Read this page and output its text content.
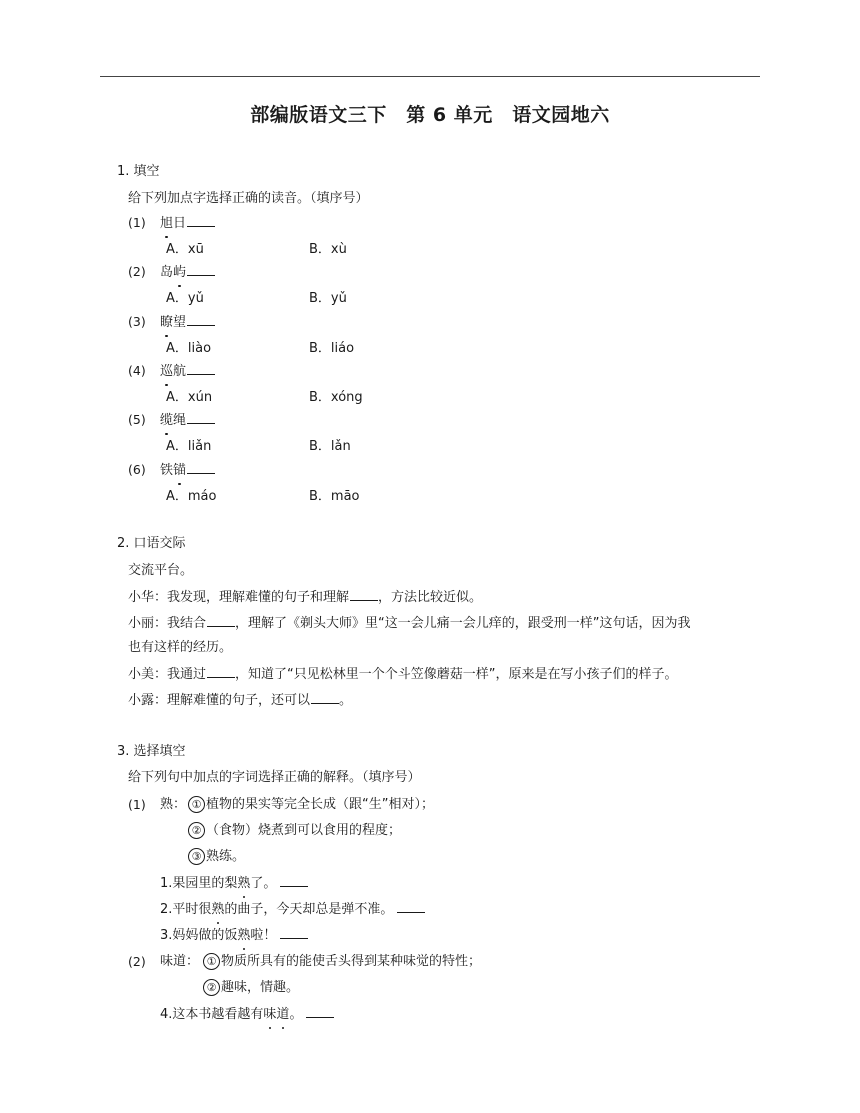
部编版语文三下　第 6 单元　语文园地六
1. 填空
给下列加点字选择正确的读音。（填序号）
(1) 旭日
A．xū	B．xù
(2) 岛屿
A．yǔ	B．yǔ
(3) 瞭望
A．liào	B．liáo
(4) 巡航
A．xún	B．xóng
(5) 缆绳
A．liǎn	B．lǎn
(6) 铁锚
A．máo	B．māo
2. 口语交际
交流平台。
小华：我发现，理解难懂的句子和理解 ，方法比较近似。
小丽：我结合 ，理解了《剃头大师》里“这一会儿痛一会儿痒的，跟受刑一样”这句话，因为我
也有这样的经历。
小美：我通过 ，知道了“只见松林里一个个斗笠像蘑菇一样”，原来是在写小孩子们的样子。
小露：理解难懂的句子，还可以 。
3. 选择填空
给下列句中加点的字词选择正确的解释。（填序号）
(1) 熟： ① 植物的果实等完全长成（跟“生”相对）；
② （食物）烧煮到可以食用的程度；
③ 熟练。
1.果园里的梨熟了。
2.平时很熟的曲子，今天却总是弹不准。
3.妈妈做的饭熟啦！
(2) 味道： ① 物质所具有的能使舌头得到某种味觉的特性；
② 趣味，情趣。
4.这本书越看越有味道。
